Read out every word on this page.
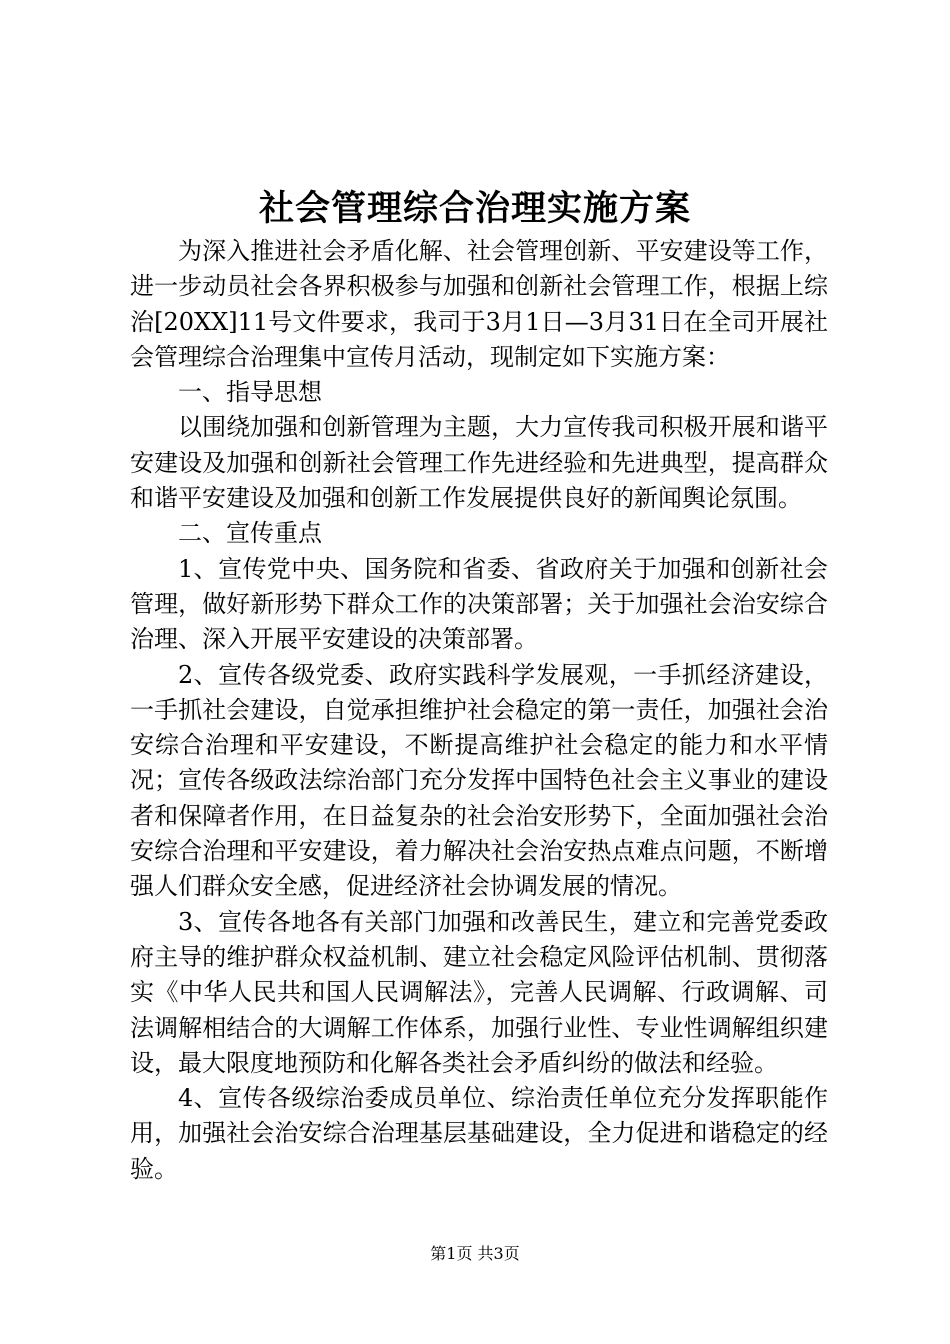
社会管理综合治理实施方案

为深入推进社会矛盾化解、社会管理创新、平安建设等工作，进一步动员社会各界积极参与加强和创新社会管理工作，根据上综治[20XX]11号文件要求，我司于3月1日—3月31日在全司开展社会管理综合治理集中宣传月活动，现制定如下实施方案：

一、指导思想

以围绕加强和创新管理为主题，大力宣传我司积极开展和谐平安建设及加强和创新社会管理工作先进经验和先进典型，提高群众和谐平安建设及加强和创新工作发展提供良好的新闻舆论氛围。

二、宣传重点

1、宣传党中央、国务院和省委、省政府关于加强和创新社会管理，做好新形势下群众工作的决策部署；关于加强社会治安综合治理、深入开展平安建设的决策部署。

2、宣传各级党委、政府实践科学发展观，一手抓经济建设，一手抓社会建设，自觉承担维护社会稳定的第一责任，加强社会治安综合治理和平安建设，不断提高维护社会稳定的能力和水平情况；宣传各级政法综治部门充分发挥中国特色社会主义事业的建设者和保障者作用，在日益复杂的社会治安形势下，全面加强社会治安综合治理和平安建设，着力解决社会治安热点难点问题，不断增强人们群众安全感，促进经济社会协调发展的情况。

3、宣传各地各有关部门加强和改善民生，建立和完善党委政府主导的维护群众权益机制、建立社会稳定风险评估机制、贯彻落实《中华人民共和国人民调解法》，完善人民调解、行政调解、司法调解相结合的大调解工作体系，加强行业性、专业性调解组织建设，最大限度地预防和化解各类社会矛盾纠纷的做法和经验。

4、宣传各级综治委成员单位、综治责任单位充分发挥职能作用，加强社会治安综合治理基层基础建设，全力促进和谐稳定的经验。

第1页 共3页
